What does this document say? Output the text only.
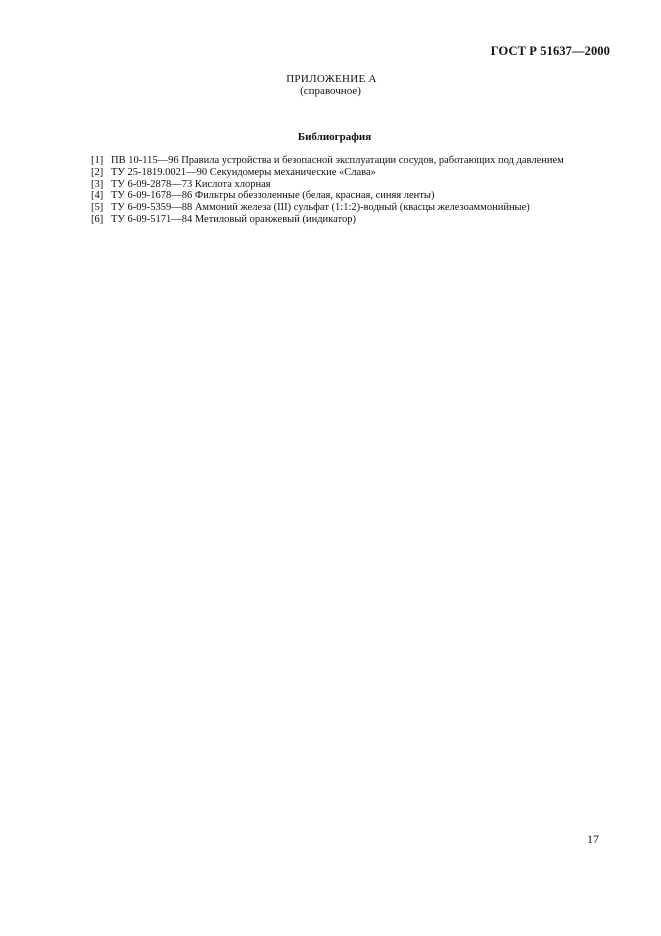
ГОСТ Р 51637—2000
ПРИЛОЖЕНИЕ А
(справочное)
Библиография
[1] ПВ 10-115—96 Правила устройства и безопасной эксплуатации сосудов, работающих под давлением
[2] ТУ 25-1819.0021—90 Секундомеры механические «Слава»
[3] ТУ 6-09-2878—73 Кислота хлорная
[4] ТУ 6-09-1678—86 Фильтры обеззоленные (белая, красная, синяя ленты)
[5] ТУ 6-09-5359—88 Аммоний железа (III) сульфат (1:1:2)-водный (квасцы железоаммонийные)
[6] ТУ 6-09-5171—84 Метиловый оранжевый (индикатор)
17
